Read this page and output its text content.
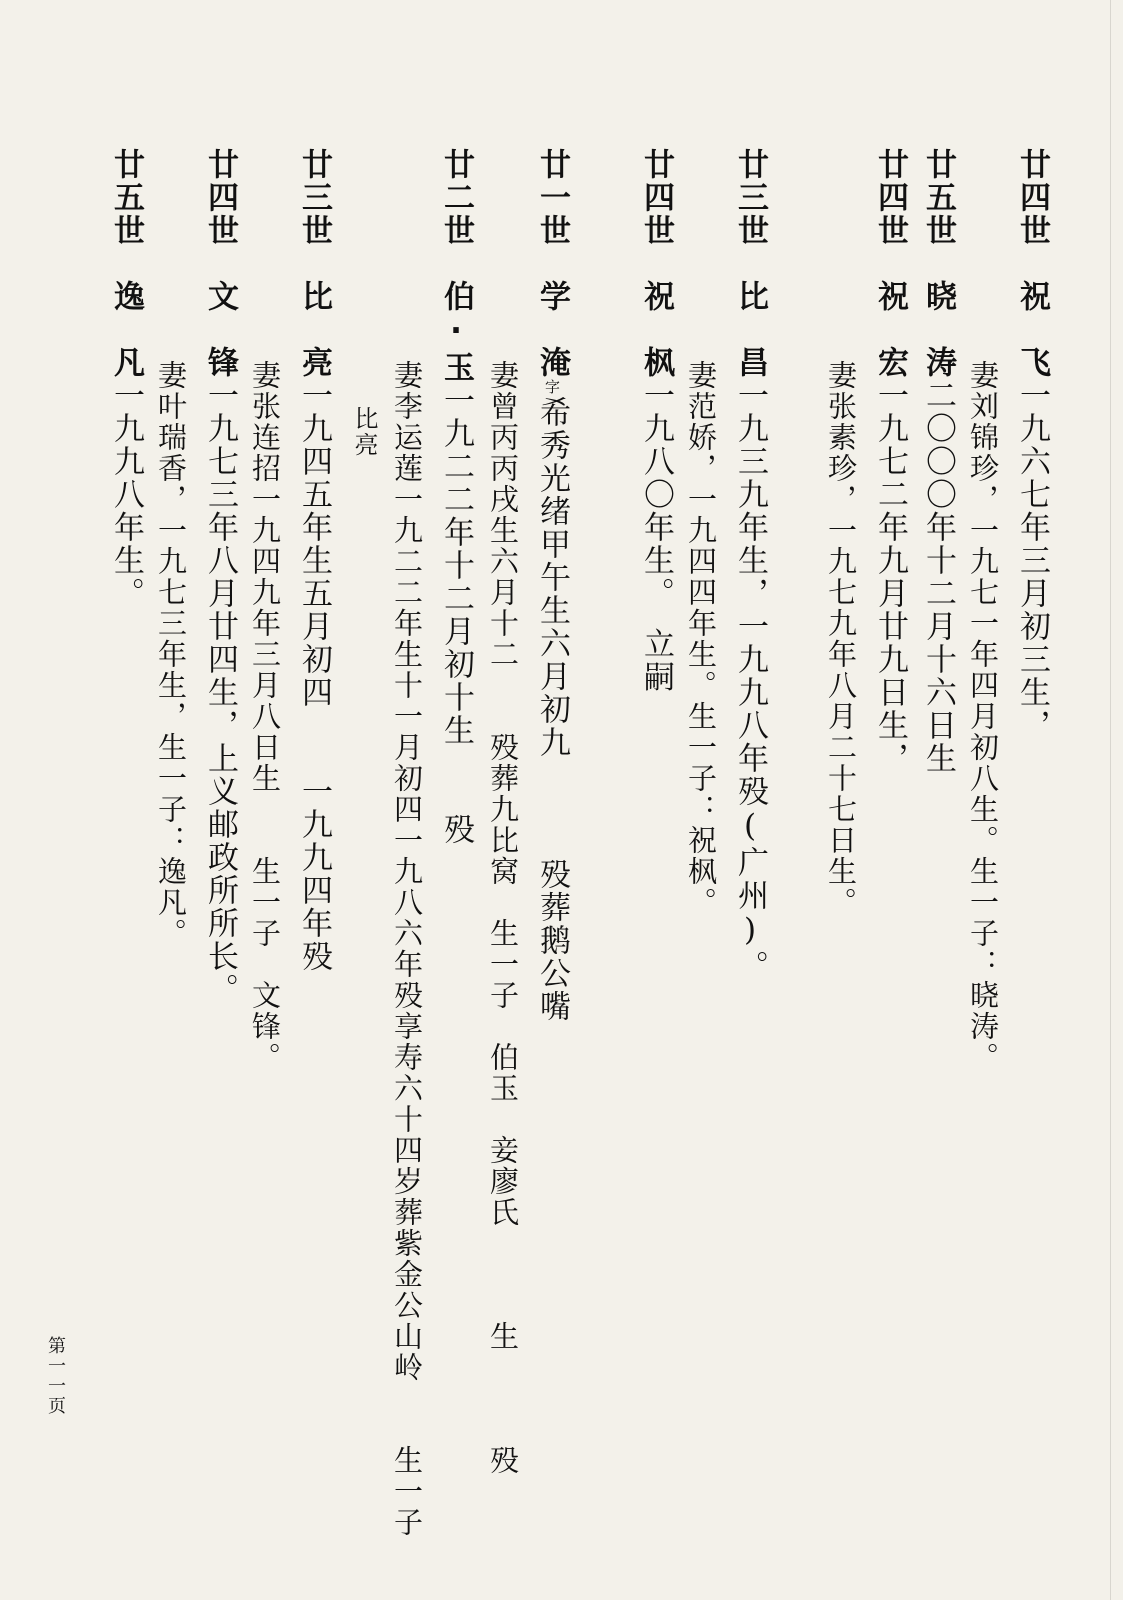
廿四世　祝　飞一九六七年三月初三生，
妻刘锦珍，一九七一年四月初八生。生一子：晓涛。
廿五世　晓　涛二〇〇〇年十二月十六日生
廿四世　祝　宏一九七二年九月廿九日生，
妻张素珍，一九七九年八月二十七日生。
廿三世　比　昌一九三九年生，一九九八年殁(广州)。
妻范娇，一九四四年生。生一子：祝枫。
廿四世　祝　枫一九八〇年生。　立嗣
廿一世　学　淹字希秀光绪甲午生六月初九　　　殁葬鹅公嘴
妻曾丙丙戌生六月十二　　殁葬九比窝　生一子　伯玉　妾廖氏　　　生　　　殁
廿二世　伯·玉一九二二年十二月初十生　　殁
比亮 妻李运莲一九二二年生十一月初四一九八六年殁享寿六十四岁葬紫金公山岭　　生一子
廿三世　比　亮一九四五年生五月初四　　一九九四年殁
妻张连招一九四九年三月八日生　　生一子　文锋。
廿四世　文　锋一九七三年八月廿四生，上义邮政所所长。
妻叶瑞香，一九七三年生，生一子：逸凡。
廿五世　逸　凡一九九八年生。
第一一页
